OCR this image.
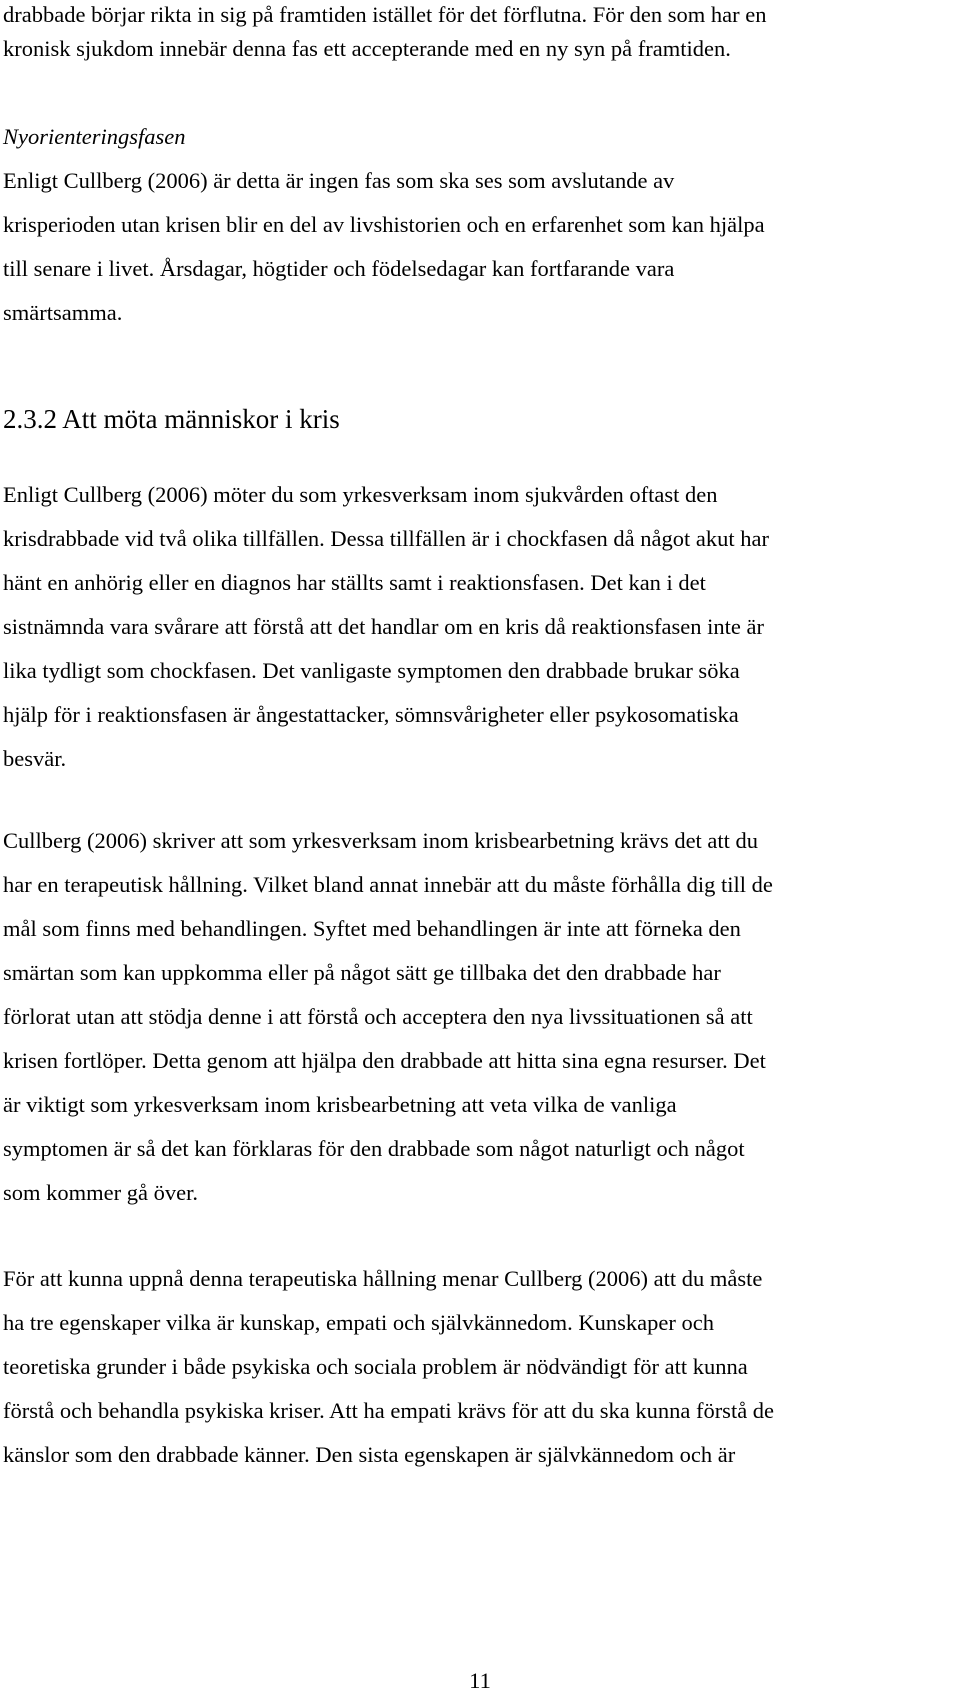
drabbade börjar rikta in sig på framtiden istället för det förflutna. För den som har en
kronisk sjukdom innebär denna fas ett accepterande med en ny syn på framtiden.
Nyorienteringsfasen
Enligt Cullberg (2006) är detta är ingen fas som ska ses som avslutande av
krisperioden utan krisen blir en del av livshistorien och en erfarenhet som kan hjälpa
till senare i livet. Årsdagar, högtider och födelsedagar kan fortfarande vara
smärtsamma.
2.3.2 Att möta människor i kris
Enligt Cullberg (2006) möter du som yrkesverksam inom sjukvården oftast den
krisdrabbade vid två olika tillfällen. Dessa tillfällen är i chockfasen då något akut har
hänt en anhörig eller en diagnos har ställts samt i reaktionsfasen. Det kan i det
sistnämnda vara svårare att förstå att det handlar om en kris då reaktionsfasen inte är
lika tydligt som chockfasen. Det vanligaste symptomen den drabbade brukar söka
hjälp för i reaktionsfasen är ångestattacker, sömnsvårigheter eller psykosomatiska
besvär.
Cullberg (2006) skriver att som yrkesverksam inom krisbearbetning krävs det att du
har en terapeutisk hållning. Vilket bland annat innebär att du måste förhålla dig till de
mål som finns med behandlingen. Syftet med behandlingen är inte att förneka den
smärtan som kan uppkomma eller på något sätt ge tillbaka det den drabbade har
förlorat utan att stödja denne i att förstå och acceptera den nya livssituationen så att
krisen fortlöper. Detta genom att hjälpa den drabbade att hitta sina egna resurser. Det
är viktigt som yrkesverksam inom krisbearbetning att veta vilka de vanliga
symptomen är så det kan förklaras för den drabbade som något naturligt och något
som kommer gå över.
För att kunna uppnå denna terapeutiska hållning menar Cullberg (2006) att du måste
ha tre egenskaper vilka är kunskap, empati och självkännedom. Kunskaper och
teoretiska grunder i både psykiska och sociala problem är nödvändigt för att kunna
förstå och behandla psykiska kriser. Att ha empati krävs för att du ska kunna förstå de
känslor som den drabbade känner. Den sista egenskapen är självkännedom och är
11
